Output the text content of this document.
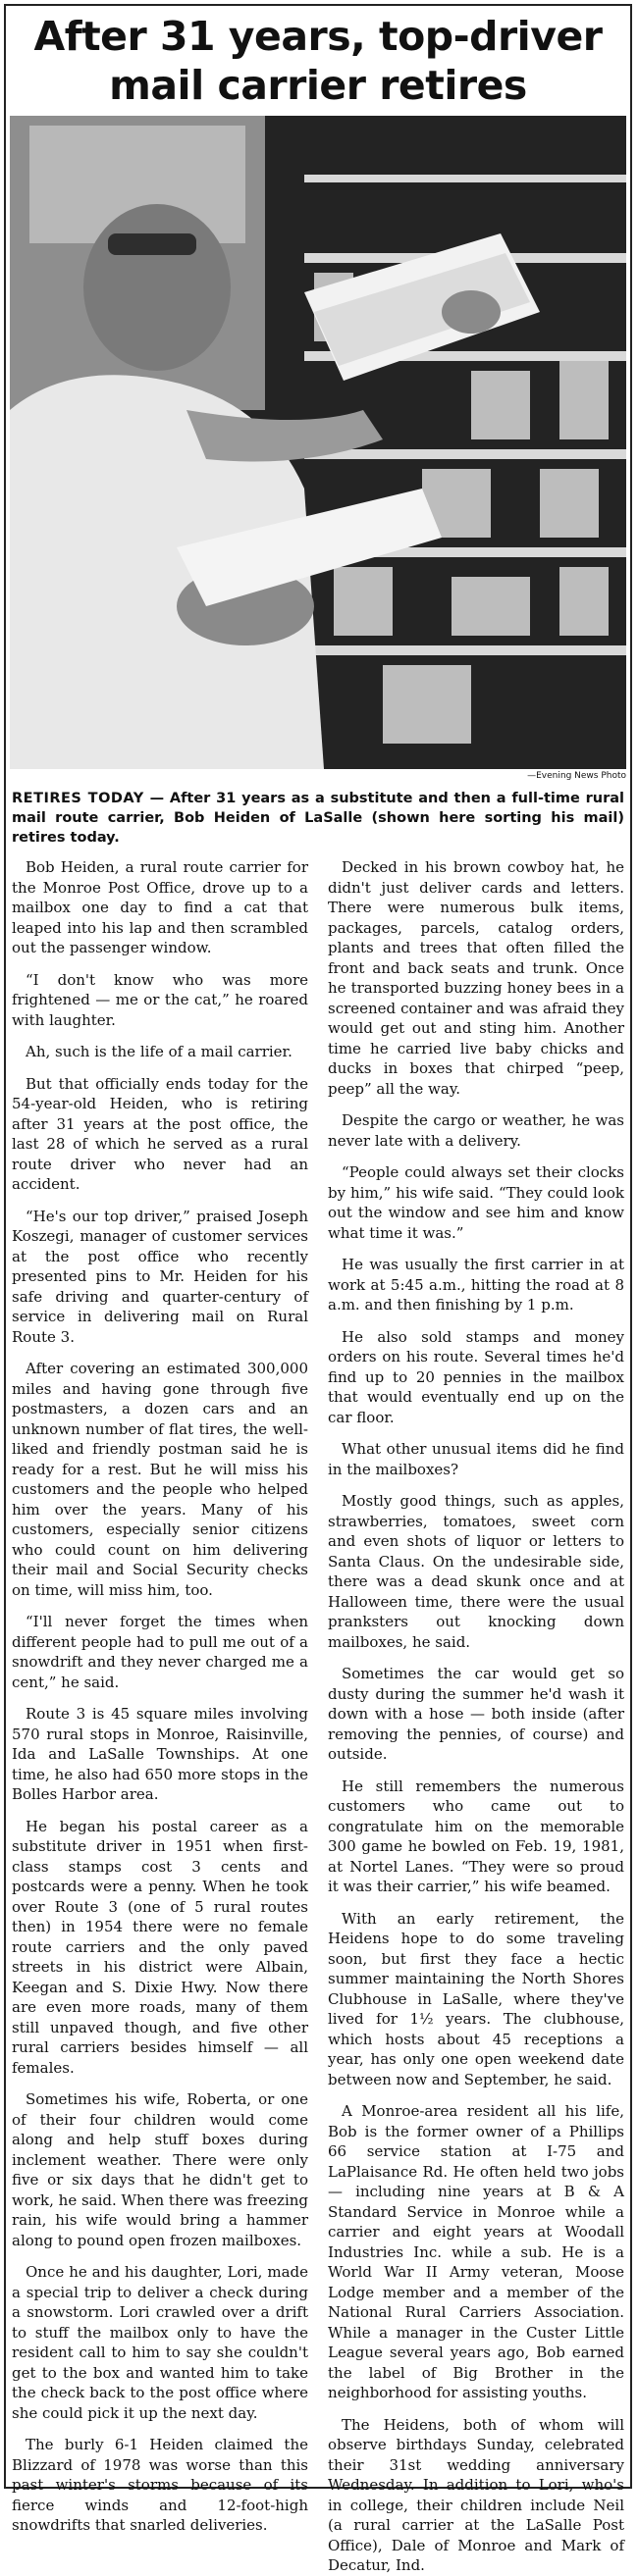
After 31 years, top-driver
mail carrier retires
—Evening News Photo
RETIRES TODAY — After 31 years as a substitute and then a full-time rural mail route carrier, Bob Heiden of LaSalle (shown here sorting his mail) retires today.

Bob Heiden, a rural route carrier for the Monroe Post Office, drove up to a mailbox one day to find a cat that leaped into his lap and then scrambled out the passenger window.

“I don't know who was more frightened — me or the cat,” he roared with laughter.

Ah, such is the life of a mail carrier.

But that officially ends today for the 54-year-old Heiden, who is retiring after 31 years at the post office, the last 28 of which he served as a rural route driver who never had an accident.

“He's our top driver,” praised Joseph Koszegi, manager of customer services at the post office who recently presented pins to Mr. Heiden for his safe driving and quarter-century of service in delivering mail on Rural Route 3.

After covering an estimated 300,000 miles and having gone through five postmasters, a dozen cars and an unknown number of flat tires, the well-liked and friendly postman said he is ready for a rest. But he will miss his customers and the people who helped him over the years. Many of his customers, especially senior citizens who could count on him delivering their mail and Social Security checks on time, will miss him, too.

“I'll never forget the times when different people had to pull me out of a snowdrift and they never charged me a cent,” he said.

Route 3 is 45 square miles involving 570 rural stops in Monroe, Raisinville, Ida and LaSalle Townships. At one time, he also had 650 more stops in the Bolles Harbor area.

He began his postal career as a substitute driver in 1951 when first-class stamps cost 3 cents and postcards were a penny. When he took over Route 3 (one of 5 rural routes then) in 1954 there were no female route carriers and the only paved streets in his district were Albain, Keegan and S. Dixie Hwy. Now there are even more roads, many of them still unpaved though, and five other rural carriers besides himself — all females.

Sometimes his wife, Roberta, or one of their four children would come along and help stuff boxes during inclement weather. There were only five or six days that he didn't get to work, he said. When there was freezing rain, his wife would bring a hammer along to pound open frozen mailboxes.

Once he and his daughter, Lori, made a special trip to deliver a check during a snowstorm. Lori crawled over a drift to stuff the mailbox only to have the resident call to him to say she couldn't get to the box and wanted him to take the check back to the post office where she could pick it up the next day.

The burly 6-1 Heiden claimed the Blizzard of 1978 was worse than this past winter's storms because of its fierce winds and 12-foot-high snowdrifts that snarled deliveries.

Decked in his brown cowboy hat, he didn't just deliver cards and letters. There were numerous bulk items, packages, parcels, catalog orders, plants and trees that often filled the front and back seats and trunk. Once he transported buzzing honey bees in a screened container and was afraid they would get out and sting him. Another time he carried live baby chicks and ducks in boxes that chirped “peep, peep” all the way.

Despite the cargo or weather, he was never late with a delivery.

“People could always set their clocks by him,” his wife said. “They could look out the window and see him and know what time it was.”

He was usually the first carrier in at work at 5:45 a.m., hitting the road at 8 a.m. and then finishing by 1 p.m.

He also sold stamps and money orders on his route. Several times he'd find up to 20 pennies in the mailbox that would eventually end up on the car floor.

What other unusual items did he find in the mailboxes?

Mostly good things, such as apples, strawberries, tomatoes, sweet corn and even shots of liquor or letters to Santa Claus. On the undesirable side, there was a dead skunk once and at Halloween time, there were the usual pranksters out knocking down mailboxes, he said.

Sometimes the car would get so dusty during the summer he'd wash it down with a hose — both inside (after removing the pennies, of course) and outside.

He still remembers the numerous customers who came out to congratulate him on the memorable 300 game he bowled on Feb. 19, 1981, at Nortel Lanes. “They were so proud it was their carrier,” his wife beamed.

With an early retirement, the Heidens hope to do some traveling soon, but first they face a hectic summer maintaining the North Shores Clubhouse in LaSalle, where they've lived for 1½ years. The clubhouse, which hosts about 45 receptions a year, has only one open weekend date between now and September, he said.

A Monroe-area resident all his life, Bob is the former owner of a Phillips 66 service station at I-75 and LaPlaisance Rd. He often held two jobs — including nine years at B & A Standard Service in Monroe while a carrier and eight years at Woodall Industries Inc. while a sub. He is a World War II Army veteran, Moose Lodge member and a member of the National Rural Carriers Association. While a manager in the Custer Little League several years ago, Bob earned the label of Big Brother in the neighborhood for assisting youths.

The Heidens, both of whom will observe birthdays Sunday, celebrated their 31st wedding anniversary Wednesday. In addition to Lori, who's in college, their children include Neil (a rural carrier at the LaSalle Post Office), Dale of Monroe and Mark of Decatur, Ind.
